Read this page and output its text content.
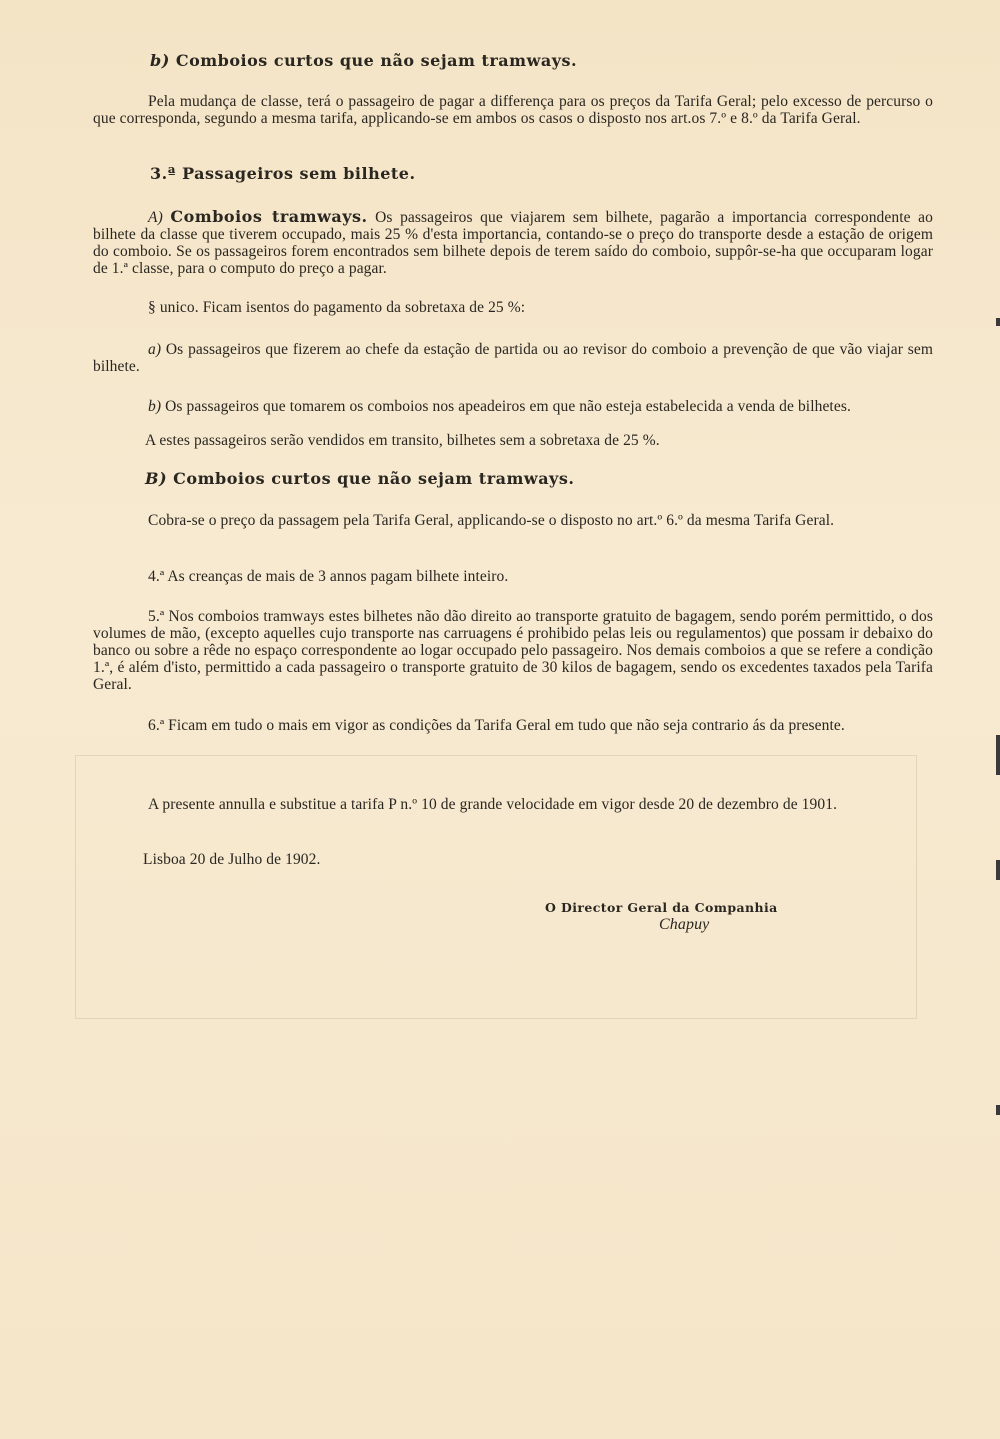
b) Comboios curtos que não sejam tramways.
Pela mudança de classe, terá o passageiro de pagar a differença para os preços da Tarifa Geral; pelo excesso de percurso o que corresponda, segundo a mesma tarifa, applicando-se em ambos os casos o disposto nos art.os 7.º e 8.º da Tarifa Geral.
3.ª Passageiros sem bilhete.
A) Comboios tramways. Os passageiros que viajarem sem bilhete, pagarão a importancia correspondente ao bilhete da classe que tiverem occupado, mais 25 % d'esta importancia, contando-se o preço do transporte desde a estação de origem do comboio. Se os passageiros forem encontrados sem bilhete depois de terem saído do comboio, suppôr-se-ha que occuparam logar de 1.ª classe, para o computo do preço a pagar.
§ unico. Ficam isentos do pagamento da sobretaxa de 25 %:
a) Os passageiros que fizerem ao chefe da estação de partida ou ao revisor do comboio a prevenção de que vão viajar sem bilhete.
b) Os passageiros que tomarem os comboios nos apeadeiros em que não esteja estabelecida a venda de bilhetes.
A estes passageiros serão vendidos em transito, bilhetes sem a sobretaxa de 25 %.
B) Comboios curtos que não sejam tramways.
Cobra-se o preço da passagem pela Tarifa Geral, applicando-se o disposto no art.º 6.º da mesma Tarifa Geral.
4.ª As creanças de mais de 3 annos pagam bilhete inteiro.
5.ª Nos comboios tramways estes bilhetes não dão direito ao transporte gratuito de bagagem, sendo porém permittido, o dos volumes de mão, (excepto aquelles cujo transporte nas carruagens é prohibido pelas leis ou regulamentos) que possam ir debaixo do banco ou sobre a rêde no espaço correspondente ao logar occupado pelo passageiro. Nos demais comboios a que se refere a condição 1.ª, é além d'isto, permittido a cada passageiro o transporte gratuito de 30 kilos de bagagem, sendo os excedentes taxados pela Tarifa Geral.
6.ª Ficam em tudo o mais em vigor as condições da Tarifa Geral em tudo que não seja contrario ás da presente.
A presente annulla e substitue a tarifa P n.º 10 de grande velocidade em vigor desde 20 de dezembro de 1901.
Lisboa 20 de Julho de 1902.
O Director Geral da Companhia
Chapuy
